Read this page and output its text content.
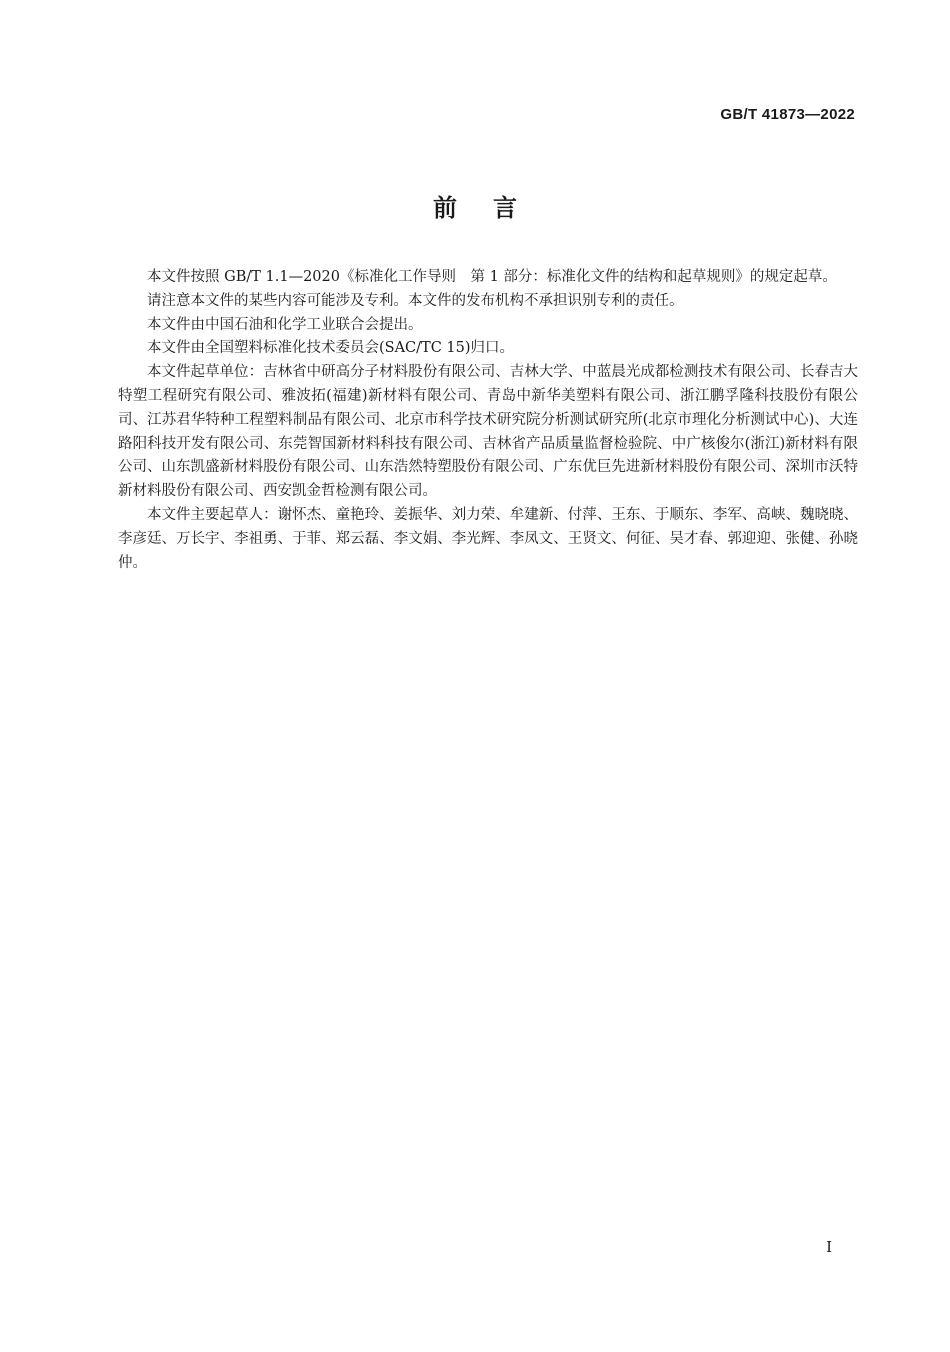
GB/T 41873—2022
前言

本文件按照 GB/T 1.1—2020《标准化工作导则　第 1 部分：标准化文件的结构和起草规则》的规定起草。

请注意本文件的某些内容可能涉及专利。本文件的发布机构不承担识别专利的责任。

本文件由中国石油和化学工业联合会提出。

本文件由全国塑料标准化技术委员会(SAC/TC 15)归口。

本文件起草单位：吉林省中研高分子材料股份有限公司、吉林大学、中蓝晨光成都检测技术有限公司、长春吉大特塑工程研究有限公司、雅波拓(福建)新材料有限公司、青岛中新华美塑料有限公司、浙江鹏孚隆科技股份有限公司、江苏君华特种工程塑料制品有限公司、北京市科学技术研究院分析测试研究所(北京市理化分析测试中心)、大连路阳科技开发有限公司、东莞智国新材料科技有限公司、吉林省产品质量监督检验院、中广核俊尔(浙江)新材料有限公司、山东凯盛新材料股份有限公司、山东浩然特塑股份有限公司、广东优巨先进新材料股份有限公司、深圳市沃特新材料股份有限公司、西安凯金哲检测有限公司。

本文件主要起草人：谢怀杰、童艳玲、姜振华、刘力荣、牟建新、付萍、王东、于顺东、李军、高峡、魏晓晓、李彦廷、万长宇、李祖勇、于菲、郑云磊、李文娟、李光辉、李凤文、王贤文、何征、吴才春、郭迎迎、张健、孙晓仲。

I
